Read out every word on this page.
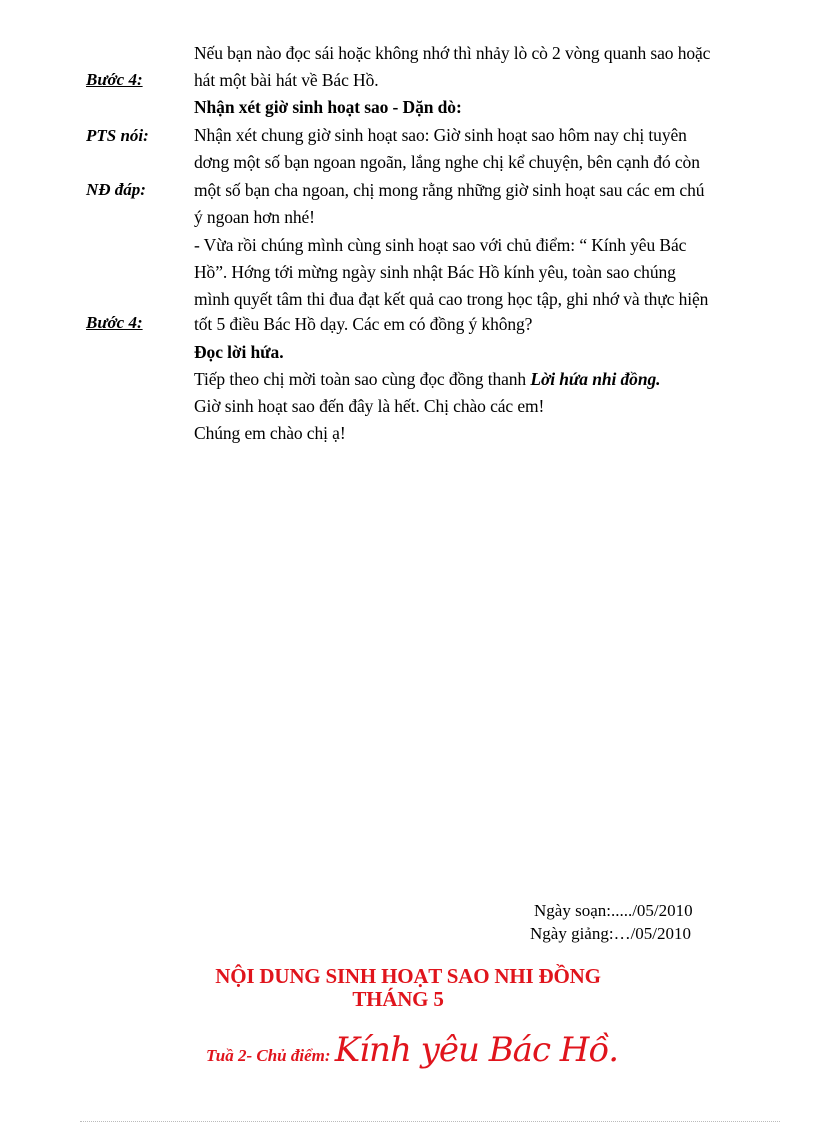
Bước 4:
PTS nói:
NĐ đáp:
Bước 4:
Nếu bạn nào đọc sái hoặc không nhớ thì nhảy lò cò 2 vòng quanh sao hoặc
hát một bài hát về Bác Hồ.
Nhận xét giờ sinh hoạt sao - Dặn dò:
Nhận xét chung giờ sinh hoạt sao: Giờ sinh hoạt sao hôm nay chị tuyên
dơng một số bạn ngoan ngoãn, lắng nghe chị kể chuyện, bên cạnh đó còn
một số bạn cha ngoan, chị mong rằng những giờ sinh hoạt sau các em chú
ý ngoan hơn nhé!
- Vừa rồi chúng mình cùng sinh hoạt sao với chủ điểm: “ Kính yêu Bác
Hồ”. Hớng tới mừng ngày sinh nhật Bác Hồ kính yêu, toàn sao chúng
mình quyết tâm thi đua đạt kết quả cao trong học tập, ghi nhớ và thực hiện
tốt 5 điều Bác Hồ dạy. Các em có đồng ý không?
Đọc lời hứa.
Tiếp theo chị mời toàn sao cùng đọc đồng thanh Lời hứa nhi đồng.
Giờ sinh hoạt sao đến đây là hết. Chị chào các em!
Chúng em chào chị ạ!
Ngày soạn:...../05/2010
Ngày giảng:…/05/2010
NỘI DUNG SINH HOẠT SAO NHI ĐỒNG
THÁNG 5
Tuầ 2- Chủ điểm: Kính yêu Bác Hồ.
